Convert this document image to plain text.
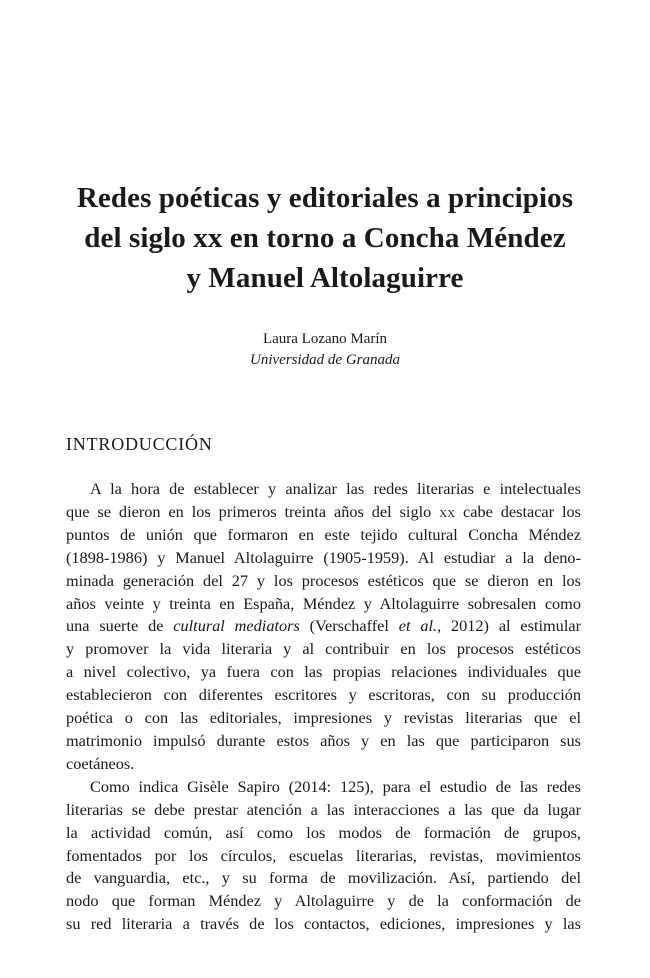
Redes poéticas y editoriales a principios
del siglo xx en torno a Concha Méndez
y Manuel Altolaguirre
Laura Lozano Marín
Universidad de Granada
INTRODUCCIÓN
A la hora de establecer y analizar las redes literarias e intelectuales
que se dieron en los primeros treinta años del siglo xx cabe destacar los
puntos de unión que formaron en este tejido cultural Concha Méndez
(1898-1986) y Manuel Altolaguirre (1905-1959). Al estudiar a la deno-
minada generación del 27 y los procesos estéticos que se dieron en los
años veinte y treinta en España, Méndez y Altolaguirre sobresalen como
una suerte de cultural mediators (Verschaffel et al., 2012) al estimular
y promover la vida literaria y al contribuir en los procesos estéticos
a nivel colectivo, ya fuera con las propias relaciones individuales que
establecieron con diferentes escritores y escritoras, con su producción
poética o con las editoriales, impresiones y revistas literarias que el
matrimonio impulsó durante estos años y en las que participaron sus
coetáneos.
Como indica Gisèle Sapiro (2014: 125), para el estudio de las redes
literarias se debe prestar atención a las interacciones a las que da lugar
la actividad común, así como los modos de formación de grupos,
fomentados por los círculos, escuelas literarias, revistas, movimientos
de vanguardia, etc., y su forma de movilización. Así, partiendo del
nodo que forman Méndez y Altolaguirre y de la conformación de
su red literaria a través de los contactos, ediciones, impresiones y las
